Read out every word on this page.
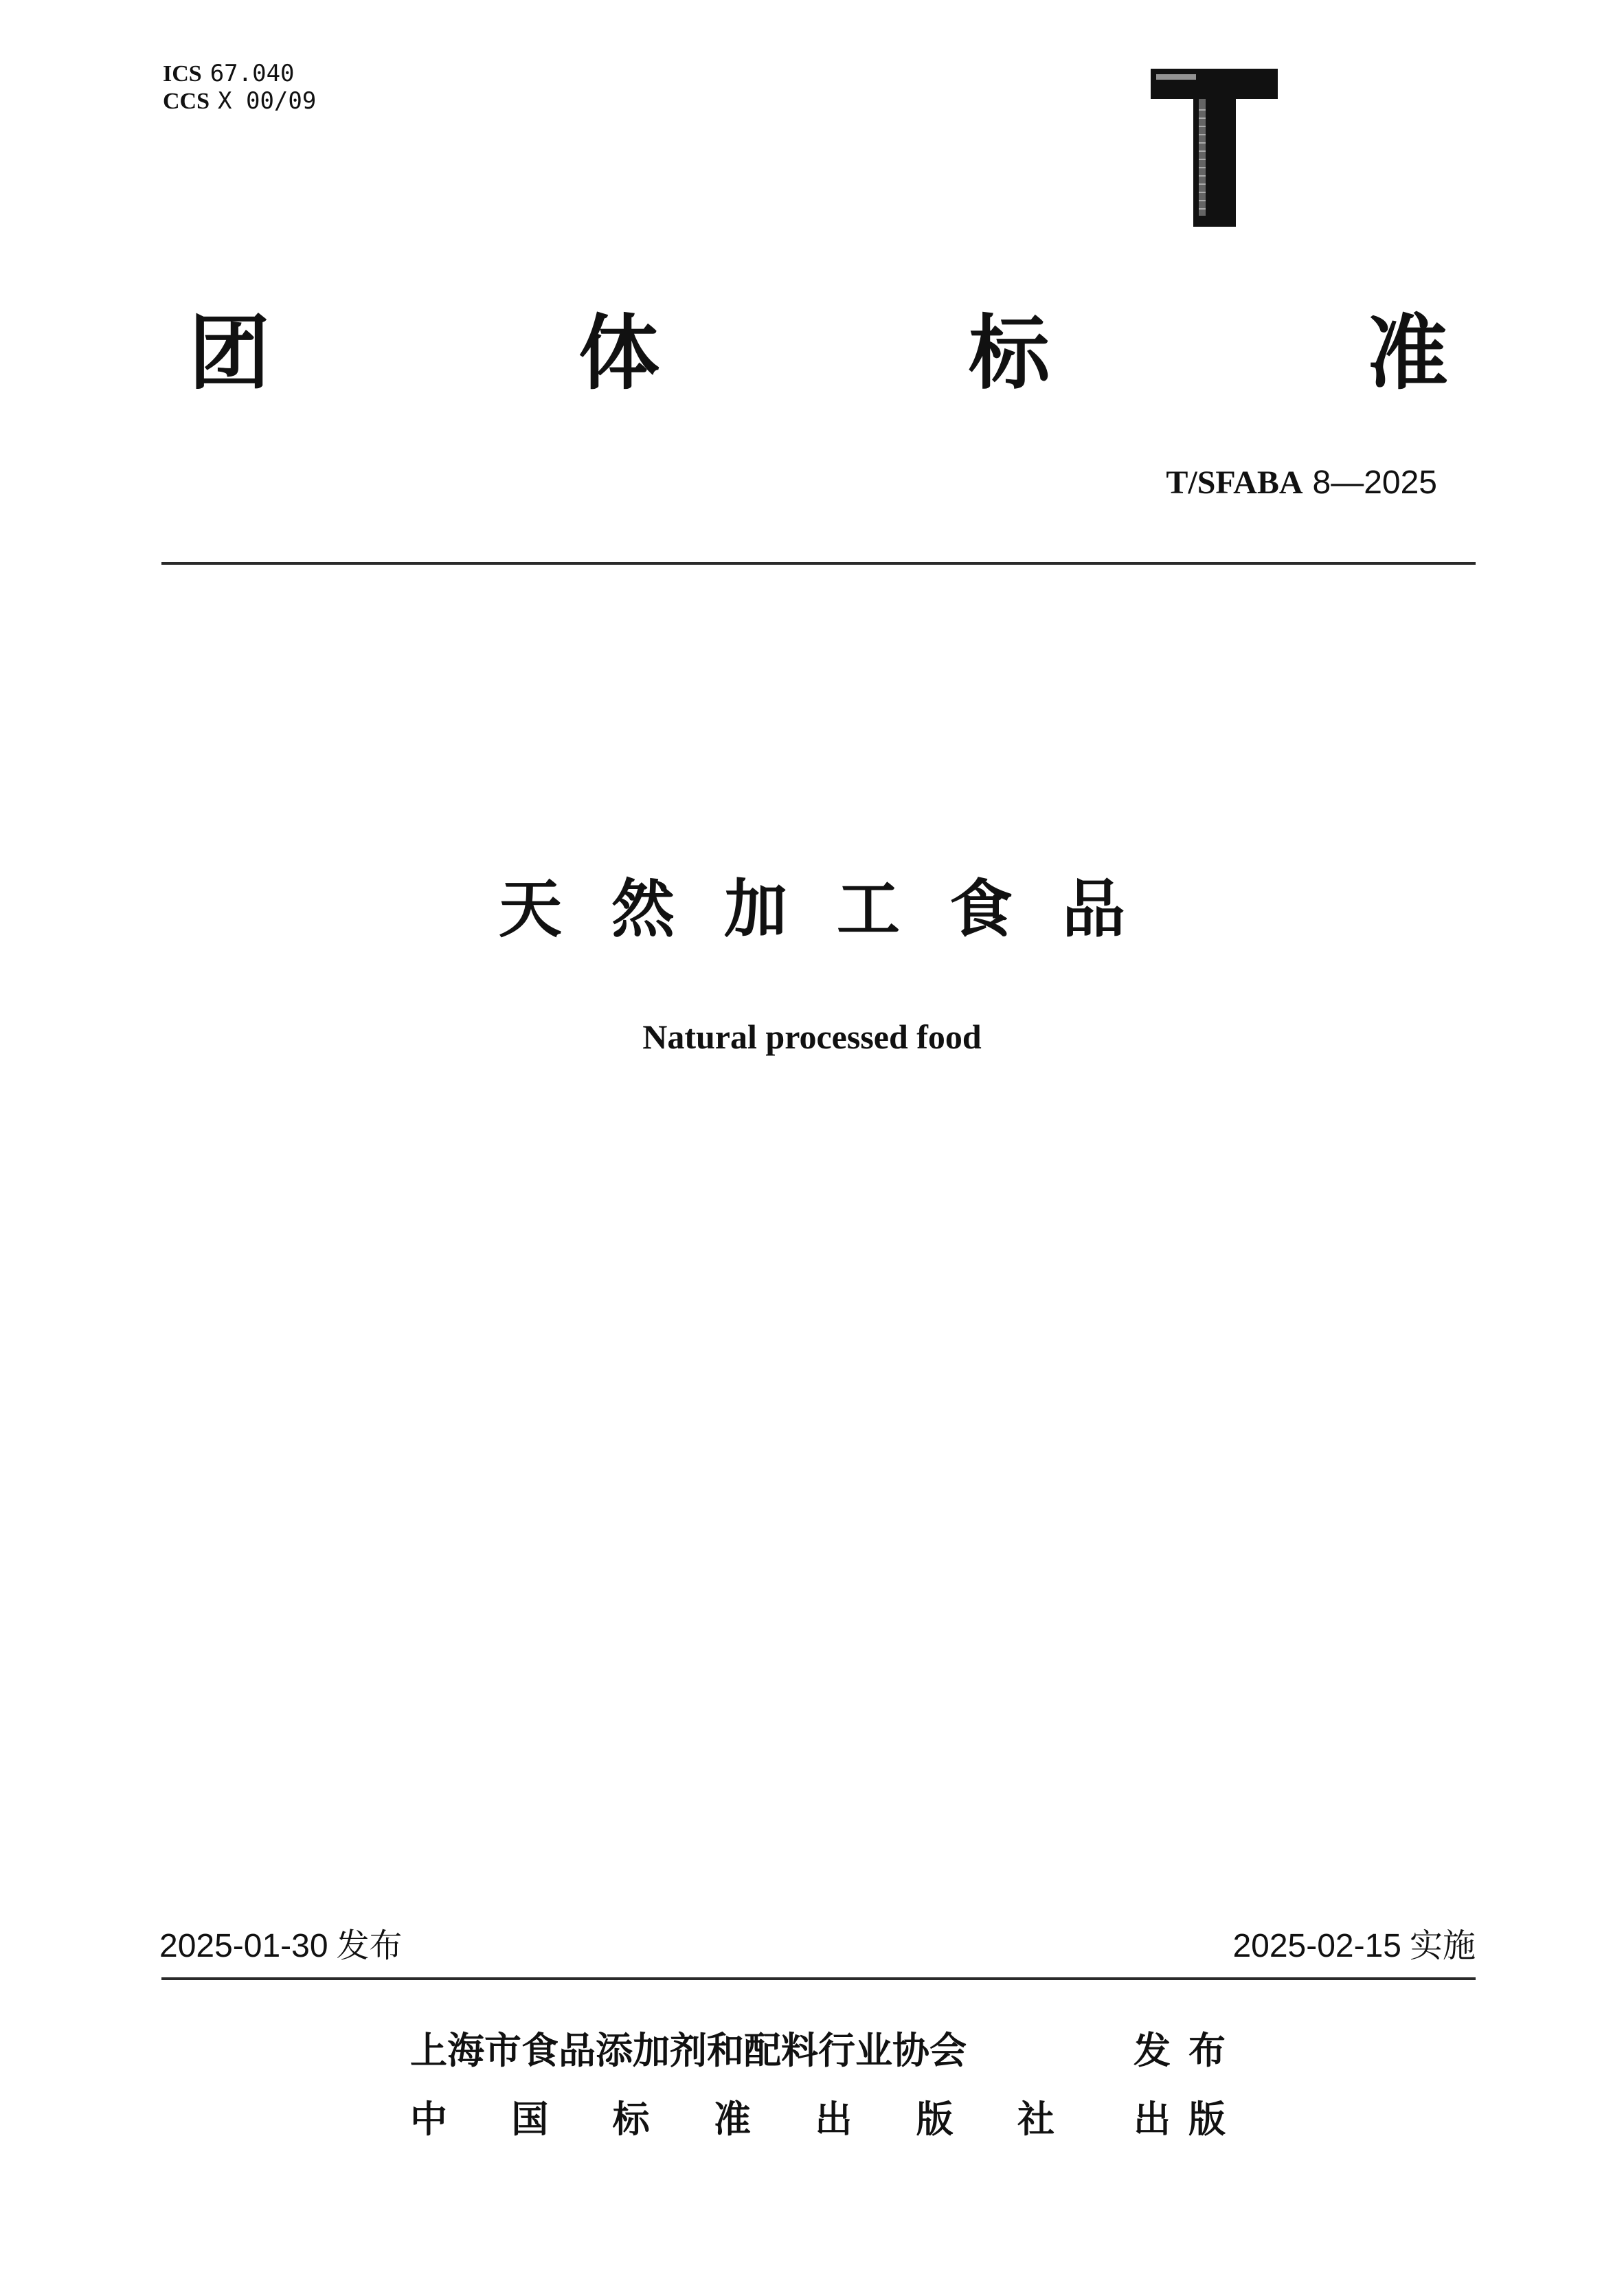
ICS 67.040
CCS X 00/09
团	体	标	准
T/SFABA 8—2025
天然加工食品
Natural processed food
2025-01-30 发布	2025-02-15 实施
上海市食品添加剂和配料行业协会	发布
中 国 标 准 出 版 社 出版
